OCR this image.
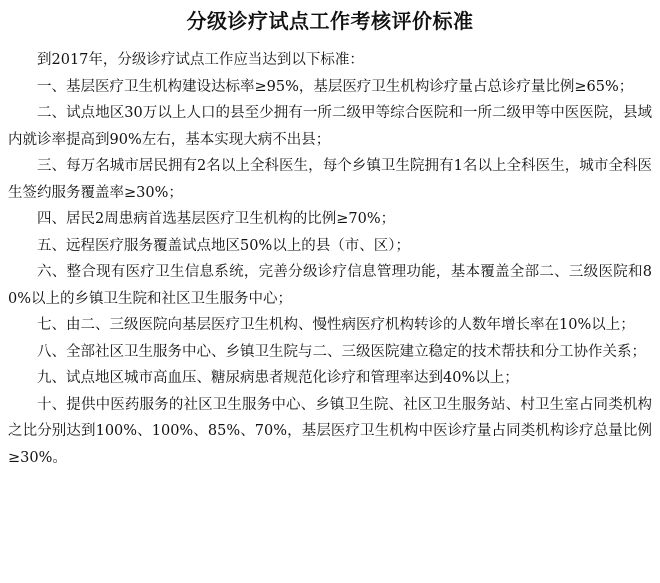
分级诊疗试点工作考核评价标准

到2017年，分级诊疗试点工作应当达到以下标准：

一、基层医疗卫生机构建设达标率≥95%，基层医疗卫生机构诊疗量占总诊疗量比例≥65%；

二、试点地区30万以上人口的县至少拥有一所二级甲等综合医院和一所二级甲等中医医院，县域内就诊率提高到90%左右，基本实现大病不出县；

三、每万名城市居民拥有2名以上全科医生，每个乡镇卫生院拥有1名以上全科医生，城市全科医生签约服务覆盖率≥30%；

四、居民2周患病首选基层医疗卫生机构的比例≥70%；

五、远程医疗服务覆盖试点地区50%以上的县（市、区）；

六、整合现有医疗卫生信息系统，完善分级诊疗信息管理功能，基本覆盖全部二、三级医院和80%以上的乡镇卫生院和社区卫生服务中心；

七、由二、三级医院向基层医疗卫生机构、慢性病医疗机构转诊的人数年增长率在10%以上；

八、全部社区卫生服务中心、乡镇卫生院与二、三级医院建立稳定的技术帮扶和分工协作关系；

九、试点地区城市高血压、糖尿病患者规范化诊疗和管理率达到40%以上；

十、提供中医药服务的社区卫生服务中心、乡镇卫生院、社区卫生服务站、村卫生室占同类机构之比分别达到100%、100%、85%、70%，基层医疗卫生机构中医诊疗量占同类机构诊疗总量比例≥30%。
